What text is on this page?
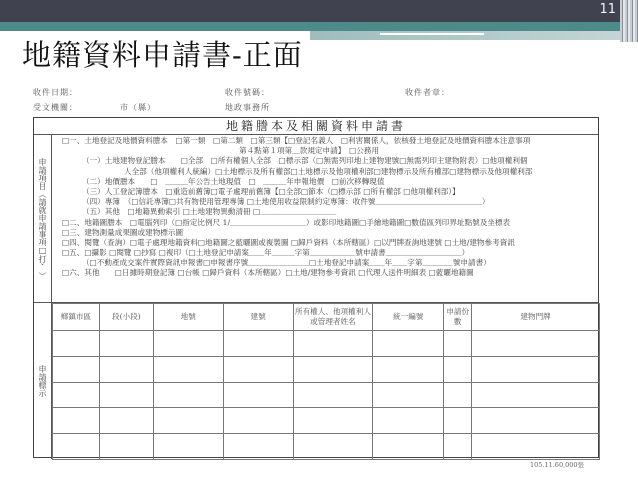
11
地籍資料申請書-正面
收件日期：	收件號碼：	收件者章：
受文機關：	市（縣）	地政事務所
地籍謄本及相關資料申請書
申請項目（請就申請事項□打ˇ）
□一、土地登記及地價資料謄本　□第一類　□第二類　□第三類【□登記名義人　□利害關係人，依核發土地登記及地價資料謄本注意事項
第４點第１項第＿款規定申請】　□公務用
（一）土地建物登記謄本　　□全部　□所有權個人全部　□標示部（□無需列印地上建物建號□無需列印主建物附表）□他項權利個
人全部（他項權利人統編）□土地標示及所有權部□土地標示及他項權利部□建物標示及所有權部□建物標示及他項權利部
（二）地價謄本　　□　＿＿＿年公告土地現值　□　＿＿＿年申報地價　□前次移轉現值
（三）人工登記簿謄本　□重造前舊簿□電子處理前舊簿【□全部□節本（□標示部 □所有權部 □他項權利部）】
（四）專簿　（□信託專簿□共有物使用管理專簿 □土地使用收益限制約定專簿：收件號＿＿＿＿＿＿＿＿＿＿＿＿＿＿）
（五）其他　□地籍異動索引 □土地建物異動清冊 □＿＿＿＿＿＿＿＿＿＿
□二、地籍圖謄本　□電腦列印（□指定比例尺 1/＿＿＿＿＿＿＿＿＿＿）或影印地籍圖□手繪地籍圖□數值區列印界址點號及坐標表
□三、建物測量成果圖或建物標示圖
□四、閱覽（查詢）□電子處理地籍資料□地籍圖之藍曬圖或複製圖 □歸戶資料（本所轄區）□以門牌查詢地建號 □土地/建物參考資訊
□五、□攝影 □閱覽 □抄寫 □複印（□土地登記申請案＿＿年＿＿＿字第＿＿＿＿＿＿號申請書＿＿＿＿＿＿＿＿＿＿）
（□不動產成交案件實際資訊申報書□申報書序號＿＿＿＿＿＿＿＿□土地登記申請案＿＿年＿＿字第＿＿＿＿號申請書）
□六、其他　　□日據時期登記簿 □台帳 □歸戶資料（本所轄區）□土地/建物參考資訊 □代理人送件明細表 □藍曬地籍圖
申請標示
鄉鎮市區	段(小段)	地號	建號	所有權人、他項權利人或管理者姓名	統一編號	申請份數	建物門牌

105.11.60,000張
